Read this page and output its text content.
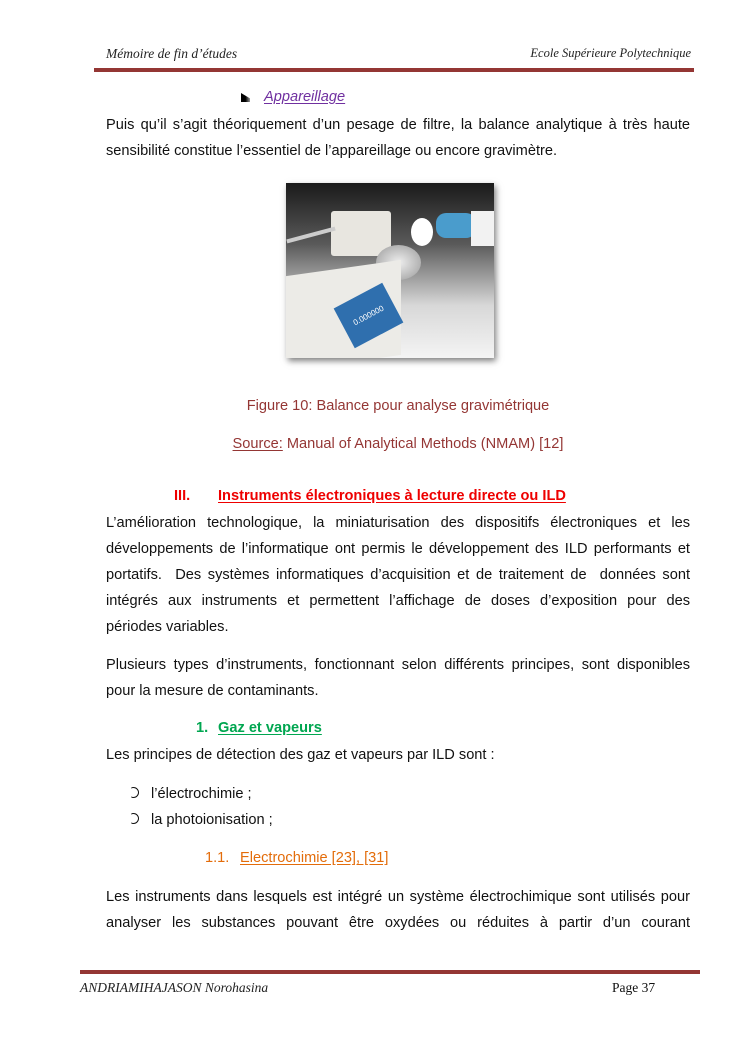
Mémoire de fin d’études	Ecole Supérieure Polytechnique
Appareillage
Puis qu’il s’agit théoriquement d’un pesage de filtre, la balance analytique à très haute
sensibilité constitue l’essentiel de l’appareillage ou encore gravimètre.
0.000000
Figure 10: Balance pour analyse gravimétrique
Source: Manual of Analytical Methods (NMAM) [12]
III. Instruments électroniques à lecture directe ou ILD
L’amélioration technologique, la miniaturisation des dispositifs électroniques et les
développements de l’informatique ont permis le développement des ILD performants et
portatifs.  Des systèmes informatiques d’acquisition et de traitement de  données sont
intégrés aux instruments et permettent l’affichage de doses d’exposition pour des
périodes variables.
Plusieurs types d’instruments, fonctionnant selon différents principes, sont disponibles
pour la mesure de contaminants.
1. Gaz et vapeurs
Les principes de détection des gaz et vapeurs par ILD sont :
l’électrochimie ;
la photoionisation ;
1.1. Electrochimie [23], [31]
Les instruments dans lesquels est intégré un système électrochimique sont utilisés pour
analyser les substances pouvant être oxydées ou réduites à partir d’un courant
ANDRIAMIHAJASON Norohasina	Page 37
